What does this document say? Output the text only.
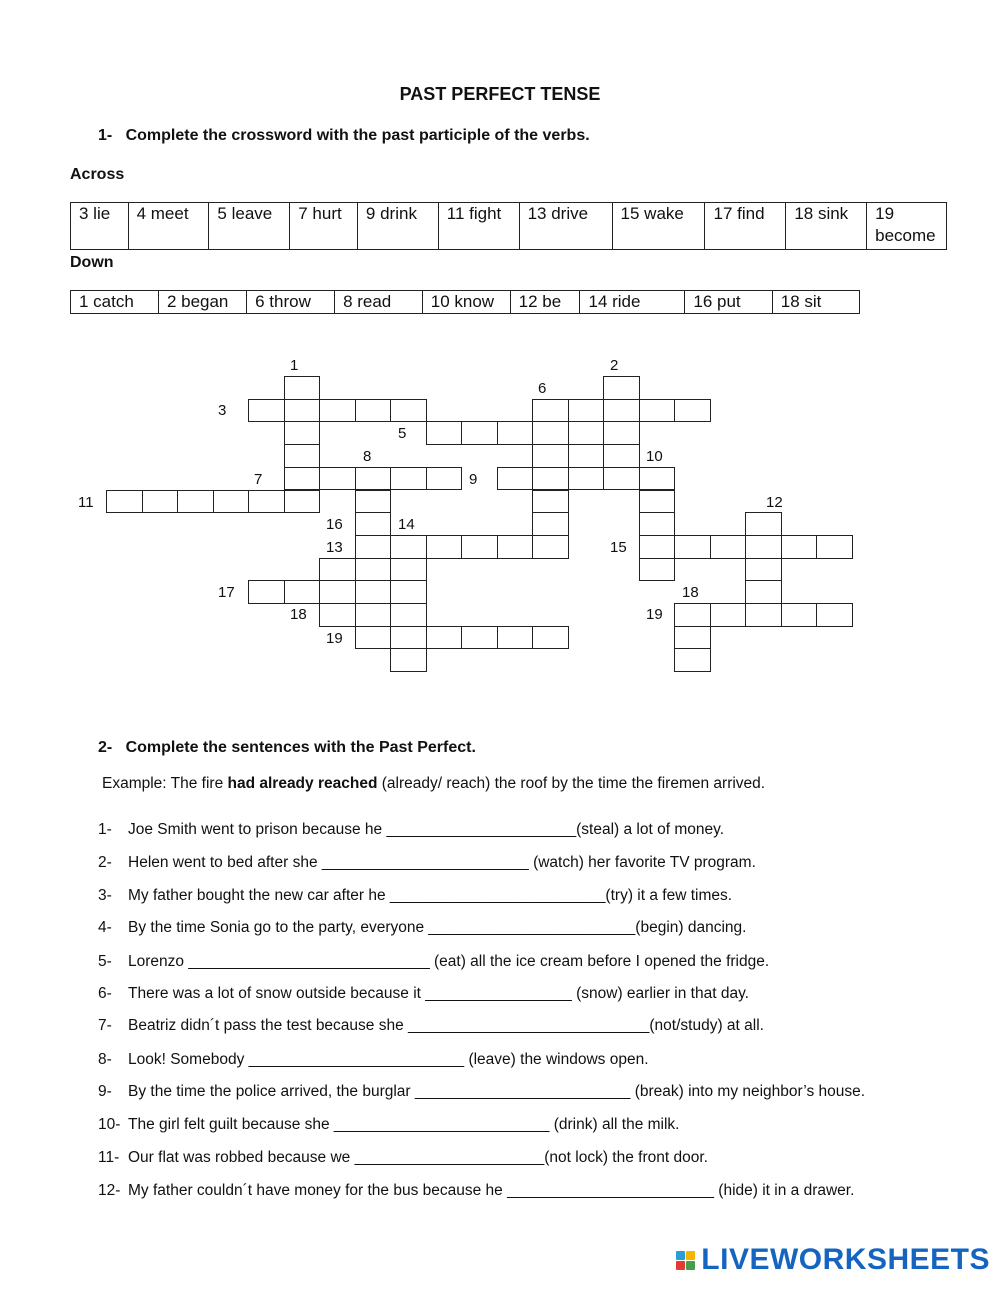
PAST PERFECT TENSE
1- Complete the crossword with the past participle of the verbs.
Across
3 lie	4 meet	5 leave	7 hurt	9 drink	11 fight	13 drive	15 wake	17 find	18 sink	19 become
Down
1 catch	2 began	6 throw	8 read	10 know	12 be	14 ride	16 put	18 sit
1	2
6
3
5
8	10
7	9
11	12
16	14
13	15
17	18
18	19
19
2- Complete the sentences with the Past Perfect.
Example: The fire had already reached (already/ reach) the roof by the time the firemen arrived.
1- Joe Smith went to prison because he ______________________(steal) a lot of money.
2- Helen went to bed after she ________________________ (watch) her favorite TV program.
3- My father bought the new car after he _________________________(try) it a few times.
4- By the time Sonia go to the party, everyone ________________________(begin) dancing.
5- Lorenzo ____________________________ (eat) all the ice cream before I opened the fridge.
6- There was a lot of snow outside because it _________________ (snow) earlier in that day.
7- Beatriz didn´t pass the test because she ____________________________(not/study) at all.
8- Look! Somebody _________________________ (leave) the windows open.
9- By the time the police arrived, the burglar _________________________ (break) into my neighbor’s house.
10- The girl felt guilt because she _________________________ (drink) all the milk.
11- Our flat was robbed because we ______________________(not lock) the front door.
12- My father couldn´t have money for the bus because he ________________________ (hide) it in a drawer.
LIVEWORKSHEETS
